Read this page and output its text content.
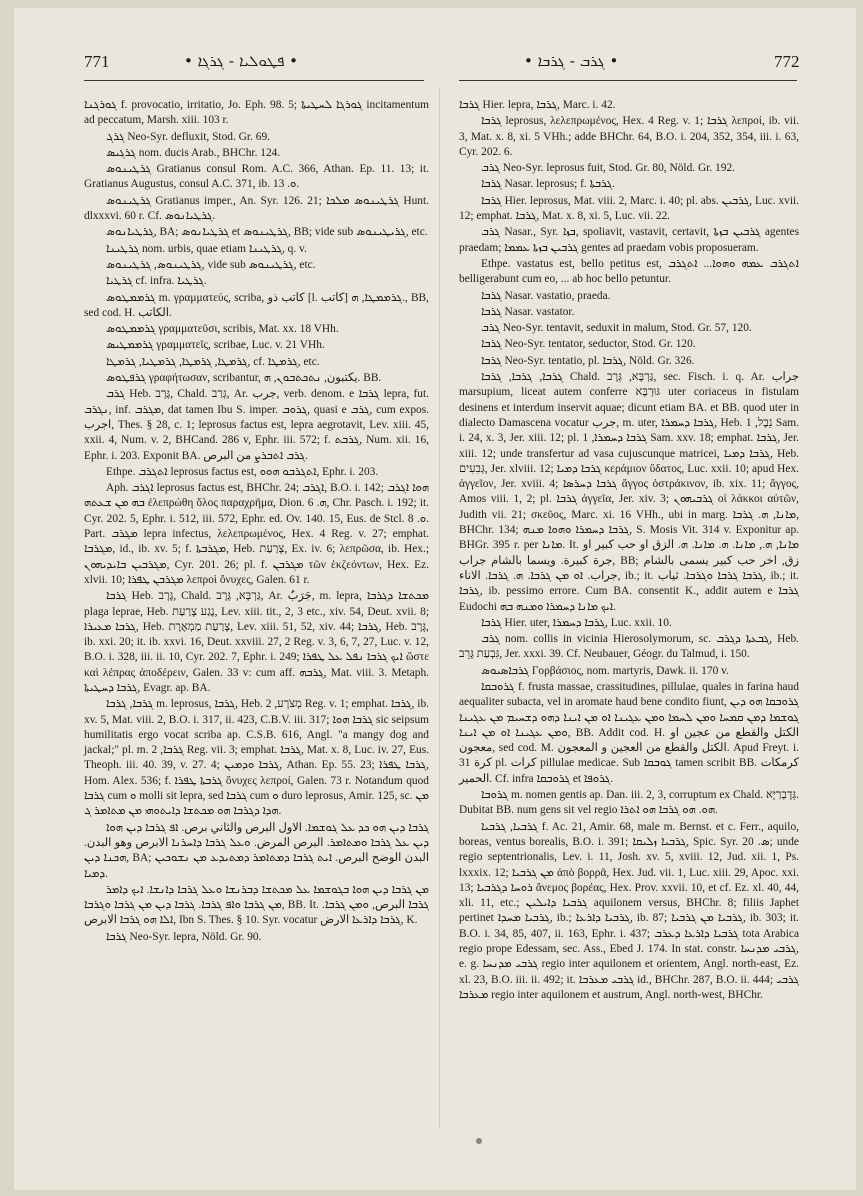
771	• ܦܛܘܠܝܐ - ܓܪܓܐ •	• ܓܪܒ - ܓܪܒܐ •	772

ܓܘܪܓܢܐ f. provocatio, irritatio, Jo. Eph. 98. 5; ܓܘܪܓܐ ܠܚܛܝܬܐ incitamentum ad peccatum, Marsh. xiii. 103 r.

ܓܪܓ Neo-Syr. defluxit, Stod. Gr. 69.

ܓܪܓܝܣ nom. ducis Arab., BHChr. 124.

ܓܪܛܝܢܘܣ Gratianus consul Rom. A.C. 366, Athan. Ep. 11. 13; it. Gratianus Augustus, consul A.C. 371, ib. ܘ. 13.

ܓܪܛܝܢܘܣ Gratianus imper., An. Syr. 126. 21; ܓܪܛܝܢܘܣ ܡܠܟܐ Hunt. dlxxxvi. 60 r. Cf. ܓܪܛܝܐܢܘܣ.

ܓܪܛܝܐܢܘܣ, BA; ܓܪܛܝܐܢܘܣ et ܓܪܛܝܢܘܣ, BB; vide sub ܓܪܝܛܝܢܘܣ, etc.

ܓܪܛܝܢܐ nom. urbis, quae etiam ܓܪܛܝܢܐ, q. v.

ܓܪܛܝܢܘܣ, ܓܪܛܝܢܘܣ, vide sub ܓܪܛܝܢܘܣ, etc.

ܓܪܛܝܐ cf. infra. ܓܪܛܝܐ.

ܓܪܡܡܛܘܣ m. γραμματεύς, scriba, كاتب ذو [l. كاتب] ܓܪܡܡܛܐ, ܗ., BB, sed cod. H. الكاتب.

ܓܪܡܡܛܘܣ γραμματεῦσι, scribis, Mat. xx. 18 VHh.

ܓܪܡܡܛܝܣ γραμματεῖς, scribae, Luc. v. 21 VHh.

ܓܪܡܛܐ, ܓܪܡܛܐ, ܓܪܡܛܝܐ, ܓܪܡܛܐ, cf. ܓܪܡܛܐ, etc.

ܓܪܦܛܘܣ γραφήτωσαν, scribantur, يكتبون, ܢܬܟܬܒܘܢ, ܗ. BB.

ܓܪܒ Heb. גָּרָב, Chald. גְּרַב, Ar. جرب, verb. denom. e ܓܪܒܐ lepra, fut. ܢܓܪܒ, inf. ܡܓܪܒ, dat tamen Ibu S. imper. ܓܪܘܒ, quasi e ܓܪܒ, cum expos. اجرب, Thes. § 28, c. 1; leprosus factus est, lepra aegrotavit, Lev. xiii. 45, xxii. 4, Num. v. 2, BHCand. 286 v, Ephr. iii. 572; f. ܓܪܒܬ, Num. xii. 16, Ephr. i. 203. Exponit BA. ܓܪܒ ܐܬܒܪܨ من البرص.

Ethpe. ܐܬܓܪܒ leprosus factus est, ܐܬܓܪܒܘ ܗܘܘ, Ephr. i. 203.

Aph. ܐܓܪܒ leprosus factus est, BHChr. 24; ܐܓܪܒ, B.O. i. 142; ܗܘܐ ܐܓܪܒ ܒܗ ܡܢ ܫܥܬܗ ἐλεπρώθη ὅλος παραχρῆμα, Dion. ܗ. 6, Chr. Pasch. i. 192; it. Cyr. 202. 5, Ephr. i. 512, iii. 572, Ephr. ed. Ov. 140. 15, Eus. de Stcl. ܘ. 8. Part. ܡܓܪܒ lepra infectus, λελεπρωμένος, Hex. 4 Reg. v. 27; emphat. ܡܓܪܒܐ, id., ib. xv. 5; f. ܡܓܪܒܬܐ, Heb. צָרַעַת, Ex. iv. 6; λεπρῶσα, ib. Hex.; ܡܓܪܒܝܢ ܒܐܝܕܝܗܘܢ, Cyr. 201. 26; pl. f. ܡܓܪܒܢ τῶν ἑκζεόντων, Hex. Ez. xlvii. 10; ܡܓܪܒܢ ܛܦܪܐ λεπροὶ ὄνυχες, Galen. 61 r.

ܓܪܒܐ Heb. גָּרָב, Chald. גַּרְבָּא, גָּרָב, Ar. جَرَبٌ, m. lepra, ܡܟܬܫܐ ܕܓܪܒܐ plaga leprae, Heb. נֶגַע צָרַעַת, Lev. xiii. tit., 2, 3 etc., xiv. 54, Deut. xvii. 8; ܓܪܒܐ ܡܥܝܪܐ, Heb. צָרַעַת מַמְאֶרֶת, Lev. xiii. 51, 52, xiv. 44; ܓܪܒܐ, Heb. גָּרָב, ib. xxi. 20; it. ib. xxvi. 16, Deut. xxviii. 27, 2 Reg. v. 3, 6, 7, 27, Luc. v. 12, B.O. i. 328, iii. ii. 10, Cyr. 202. 7, Ephr. i. 249; ܐܝܟ ܓܪܒܐ ܢܦܠ ܥܠ ܛܦܪܐ ὥστε καὶ λέπρας ἀποδέρειν, Galen. 33 v: cum aff. ܓܪܒܗ, Mat. viii. 3. Metaph. ܓܪܒܐ ܕܚܛܝܬܐ, Evagr. ap. BA.

ܓܪܒܐ, ܓܪܒܐ m. leprosus, ܓܪܒܐ, Heb. מְצֹרָע, 2 Reg. v. 1; emphat. ܓܪܒܐ, ib. xv. 5, Mat. viii. 2, B.O. i. 317, ii. 423, C.B.V. iii. 317; ܓܪܒܐ ܗܘܐ sic seipsum humilitatis ergo vocat scriba ap. C.S.B. 616, Angl. "a mangy dog and jackal;" pl. m. ܓܪܒܐ, 2 Reg. vii. 3; emphat. ܓܪܒܐ, Mat. x. 8, Luc. iv. 27, Eus. Theoph. iii. 40. 39, v. 27. 4; ܓܪܒܐ ܘܕܡܝܢ, Athan. Ep. 55. 23; ܓܪܒܐ ܛܦܪܐ, Hom. Alex. 536; f. ܓܪܒܬܐ ܛܦܪܐ ὄνυχες λεπροί, Galen. 73 r. Notandum quod ܓܪܒܐ cum ܘ molli sit lepra, sed ܓܪܒܐ cum ܘ duro leprosus, Amir. 125, sc. ܡܢ ܗܕܐ ܕܓܪܒܐ ܗܘ ܡܟܬܫܐ ܕܐܝܬܘܗܝ ܡܢ ܡܬܐܡܪ ܓ.

ܓܪܒܐ ܕܝܢ ܗܘ ܟܕ ܥܠ ܓܘܫܡܐ. الاول البرص والثاني برص. ܐܦ ܓܪܒܐ ܕܝܢ ܗܘܐ ܕܝܢ ܥܠ ܓܪܒܐ ܘܡܬܐܡܪ. البرص المرض. ܘܥܠ ܓܪܒܐ ܕܐܚܪܢܐ الابرص وهو البدن. ܗܟܢܐ ܕܝܢ, BA; البدن الوضح البرص. ܐܝܬ ܓܪܒܐ ܕܡܬܐܡܪ ܕܡܬܝܕܥ ܡܢ ܢܫܘܟܝܢ ܕܡܝܐ.

ܡܢ ܓܪܒܐ ܕܝܢ ܗܘܐ ܒܓܘܫܡܐ ܥܠ ܡܟܬܫܐ ܕܒܪܢܫܐ ܘܥܠ ܓܪܒܐ ܕܐܢܫܐ. ܐܝܟ ܕܐܡܪ ܡܢ ܓܪܒܐ ܘܐܦ ܓܪܒܐ. ܓܪܒܐ ܕܝܢ ܡܢ ܓܪܒܐ ܘܓܪܒܐ, BB. It. ܓܪܒܐ البرص, ܘܡܢ ܓܪܒܐ. ܐܠܐ ܗܘ ܓܪܒܐ الابرص, Ibn S. Thes. § 10. Syr. vocatur ܓܪܒܐ ܕܐܪܥܐ الارض, K.

ܓܪܒܐ Neo-Syr. lepra, Nöld. Gr. 90.

ܓܪܒܐ Hier. lepra, ܓܪܒܐ, Marc. i. 42.

ܓܪܒܐ leprosus, λελεπρωμένος, Hex. 4 Reg. v. 1; ܓܪܒܐ λεπροί, ib. vii. 3, Mat. x. 8, xi. 5 VHh.; adde BHChr. 64, B.O. i. 204, 352, 354, iii. i. 63, Cyr. 202. 6.

ܓܪܒ Neo-Syr. leprosus fuit, Stod. Gr. 80, Nöld. Gr. 192.

ܓܪܒܐ Nasar. leprosus; f. ܓܪܒܬܐ.

ܓܪܒܐ Hier. leprosus, Mat. viii. 2, Marc. i. 40; pl. abs. ܓܪܒܝܢ, Luc. xvii. 12; emphat. ܓܪܒܐ, Mat. x. 8, xi. 5, Luc. vii. 22.

ܓܪܒ Nasar., Syr. ܒܙܐ, spoliavit, vastavit, certavit, ܓܪܒܝܢ ܒܙܬܐ agentes praedam; ܓܪܒܝܢ ܒܙܬܐ ܥܡܡܐ gentes ad praedam vobis proposueram.

Ethpe. vastatus est, bello petitus est, ܐܬܓܪܒ ܥܡܗ ܘܗܘܐ... ܐܬܓܪܒ belligerabunt cum eo, ... ab hoc bello petuntur.

ܓܪܒܐ Nasar. vastatio, praeda.

ܓܪܒܐ Nasar. vastator.

ܓܪܒ Neo-Syr. tentavit, seduxit in malum, Stod. Gr. 57, 120.

ܓܪܒܐ Neo-Syr. tentator, seductor, Stod. Gr. 120.

ܓܪܒܐ Neo-Syr. tentatio, pl. ܓܪܒܐ, Nöld. Gr. 326.

ܓܪܒܐ, ܓܪܒܐ, ܓܪܒܐ Chald. גַּרְבָּא, גְּרָב, sec. Fisch. i. q. Ar. جراب marsupium, liceat autem conferre גּוּרְבָּא uter coriaceus in fistulam desinens et interdum inservit aquae; dicunt etiam BA. et BB. quod uter in dialecto Damascena vocatur جرب, m. uter, ܓܪܒܐ ܕܚܡܪܐ, Heb. נֵבֶל, 1 Sam. i. 24, x. 3, Jer. xiii. 12; pl. ܓܪܒܐ ܕܚܡܪܐ, 1 Sam. xxv. 18; emphat. ܓܪܒܐ, Jer. xiii. 12; unde transfertur ad vasa cujuscunque matricei, ܓܪܒܐ ܕܡܝܐ, Heb. גְּבִעִים, Jer. xlviii. 12; ܓܪܒܐ ܕܡܝܐ κεράμιον ὕδατος, Luc. xxii. 10; apud Hex. ἀγγεῖον, Jer. xviii. 4; ܓܪܒܐ ܕܚܪܣܐ ἄγγος ὀστράκινον, ib. xix. 11; ἄγγος, Amos viii. 1, 2; pl. ܓܪܒܐ ἀγγεῖα, Jer. xiv. 3; ܓܪܒܝܗܘܢ οἱ λάκκοι αὐτῶν, Judith vii. 21; σκεῦος, Marc. xi. 16 VHh., ubi in marg. ܡܐܢܐ, ܗ. ܓܪܒܐ, BHChr. 134; ܓܪܒܐ ܕܚܡܪܐ ܘܗܘܐ ܡܢܗ, S. Mosis Vit. 314 v. Exponitur ap. BHGr. 395 r. per ܡܐܢܐ. It. ܡܐܢܐ, ܗ., ܡܐܢܐ. ܗ. ܡܐܢܐ. ܗ. الزق او حب كبير او جرة كبيرة. ويسما بالشام جراب, BB; زق, اخر حب كبير يسمى بالشام جراب. ܐܘ ܡܢ ܓܪܒܐ. ܗ. ܓܪܒܐ. الاناء, ib.; it. ܓܪܒܐ ܓܪܒܐ ܘܓܪܒܐ. ثياب, ib.; it. ܓܪܒܐ, ib. pessimo errore. Cum BA. consentit K., addit autem e ܓܪܒܐ Eudochi ܐܝܟ ܡܐܢܐ ܕܚܡܪܐ ܘܡܢܗ ܒܗ.

ܓܪܒܐ Hier. uter, ܓܪܒܐ ܕܚܡܪܐ, Luc. xxii. 10.

ܓܪܒ nom. collis in vicinia Hierosolymorum, sc. ܓܒܥܬܐ ܕܓܪܒ, Heb. גִּבְעַת גָּרֵב, Jer. xxxi. 39. Cf. Neubauer, Géogr. du Talmud, i. 150.

ܓܪܒܐܣܝܘܣ Γορβάσιος, nom. martyris, Dawk. ii. 170 v.

ܓܪܘܒܩܐ f. frusta massae, crassitudines, pillulae, quales in farina haud aequaliter subacta, vel in aromate haud bene condito fiunt, ܓܪܘܒܩܐ ܗܘ ܕܝܢ ܓܘܫܡܐ ܕܡܢ ܩܡܚܐ ܘܡܢ ܠܚܡܐ ܘܡܢ ܥܓܝܢܐ ܐܘ ܡܢ ܐܝܢܐ ܕܗܘ ܕܫܚܝܡ ܡܢ ܥܓܝܢܐ ܘܡܢ ܥܓܝܢܐ ܐܘ ܡܢ ܐܝܢܐ, BB. Addit cod. H. الكتل والقطع من عجين او معجون, sed cod. M. الكتل والقطع من العجين و المعجون. Apud Freyt. i. 31 كرة pl. كرات pillulae medicae. Sub ܓܘܒܩܐ tamen scribit BB. كرمكات الحمير. Cf. infra ܓܪܘܒܩܐ et ܓܪܘܦܐ.

ܓܪܘܒܐ m. nomen gentis ap. Dan. iii. 2, 3, corruptum ex Chald. גְּדָבְרַיָּא. Dubitat BB. num gens sit vel regio ܗܘ. ܗܘ ܓܪܒܐ ܗܘ ܐܬܪܐ.

ܓܪܒܝܐ, ܓܪܒܝܐ f. Ac. 21, Amir. 68, male m. Bernst. et c. Ferr., aquilo, boreas, ventus borealis, B.O. i. 391; ܓܪܒܝܐ ܙܠܝܩܐ, Spic. Syr. ܣ. 20; unde regio septentrionalis, Lev. i. 11, Josh. xv. 5, xviii. 12, Jud. xii. 1, Ps. lxxxix. 12; ܡܢ ܓܪܒܝܐ ἀπὸ βορρᾶ, Hex. Jud. vii. 1, Luc. xiii. 29, Apoc. xxi. 13; ܪܘܚܐ ܕܓܪܒܝܐ ἄνεμος βορέας, Hex. Prov. xxvii. 10, et cf. Ez. xl. 40, 44, xli. 11, etc.; ܓܪܒܝܐ ܕܐܝܠܝܢ aquilonem versus, BHChr. 8; filiis Japhet pertinet ܓܪܒܝܐ ܡܚܕܐ, ib.; ܓܪܒܝܐ ܕܐܪܥܐ, ib. 87; ܓܪܒܝܐ ܡܢ ܓܪܒܝܐ, ib. 303; it. B.O. i. 34, 85, 407, ii. 163, Ephr. i. 437; ܓܪܒܝܐ ܕܐܪܥܐ ܕܥܪܒ tota Arabica regio prope Edessam, sec. Ass., Ebed J. 174. In stat. constr. ܓܪܒܝ ܡܕܢܚܐ, e. g. ܓܪܒܝ ܡܕܢܚܐ regio inter aquilonem et orientem, Angl. north-east, Ez. xl. 23, B.O. iii. ii. 492; it. ܓܪܒܝ ܡܥܪܒܐ id., BHChr. 287, B.O. ii. 444; ܓܪܒܝ ܡܥܪܒܐ regio inter aquilonem et austrum, Angl. north-west, BHChr.
